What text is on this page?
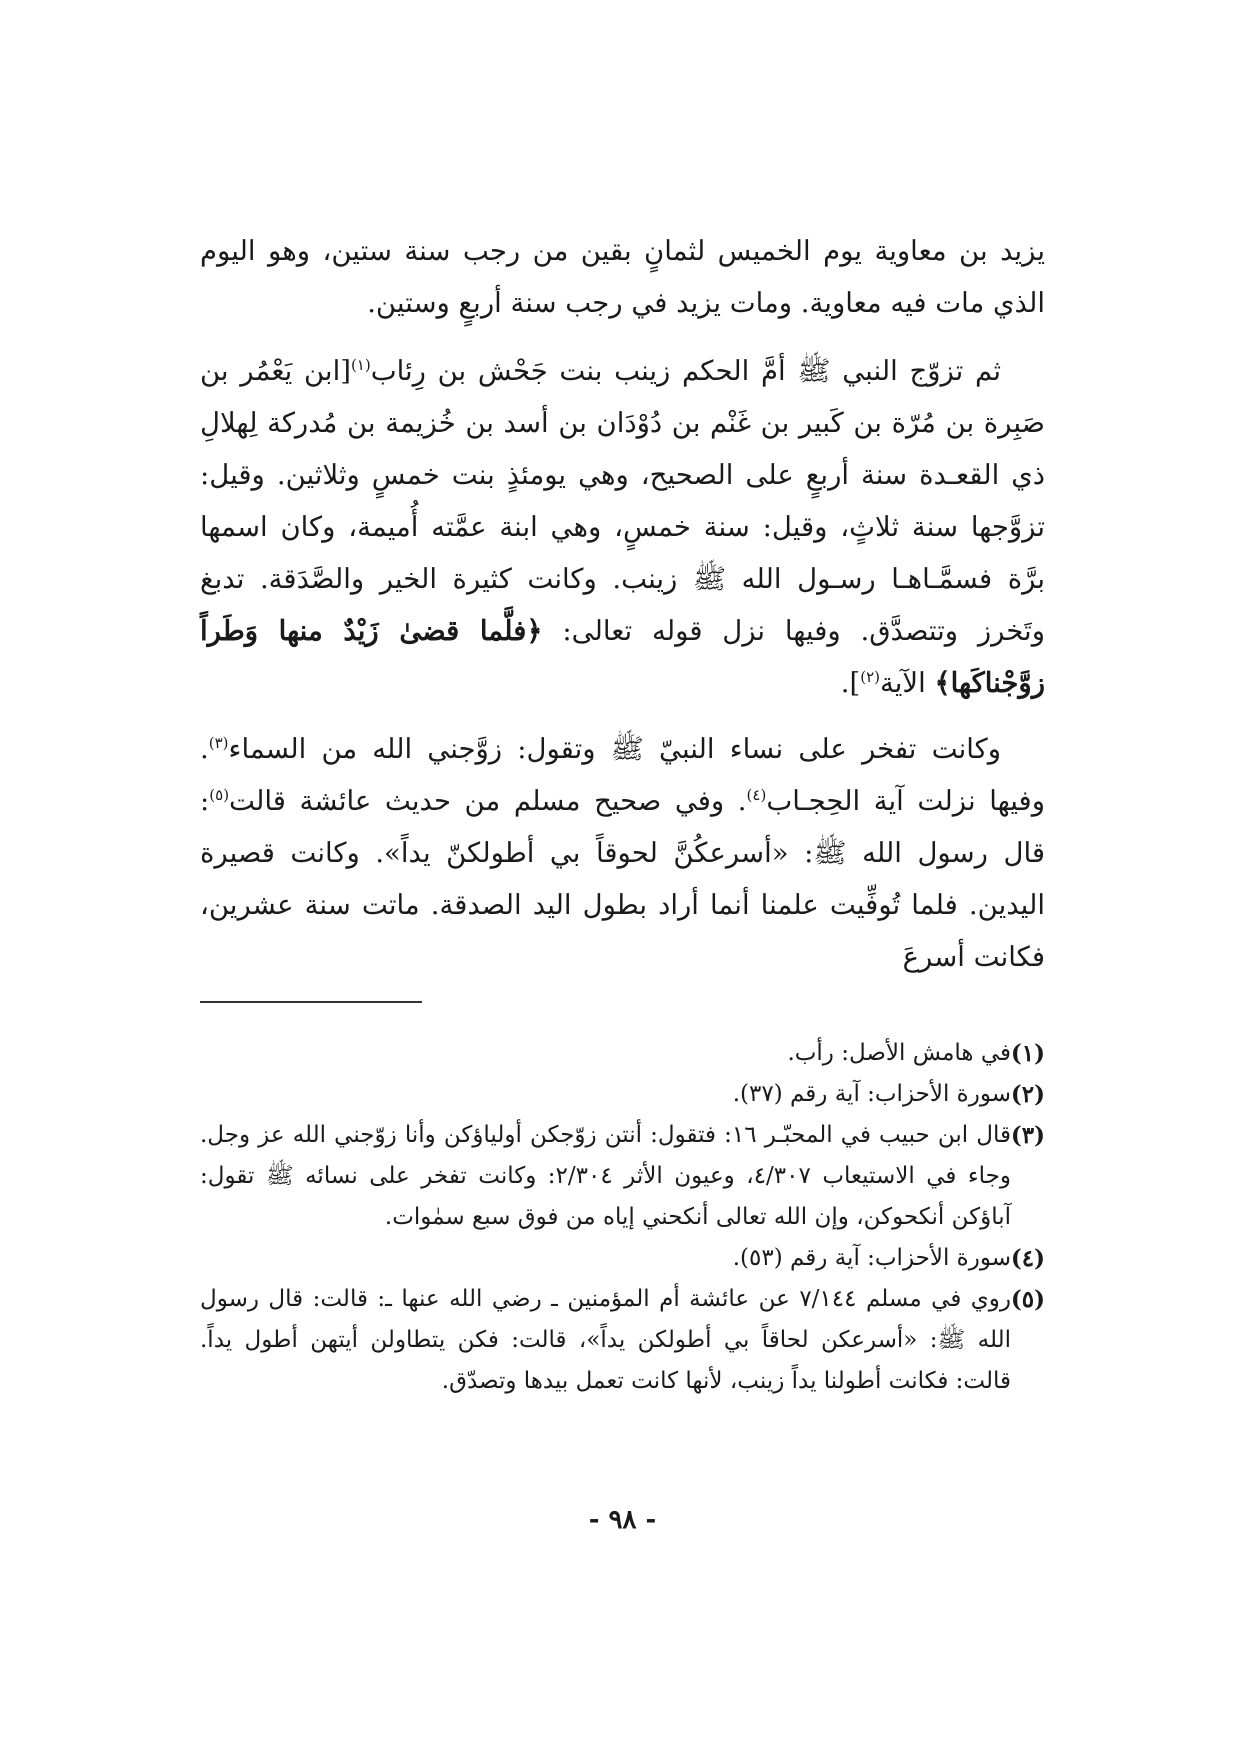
يزيد بن معاوية يوم الخميس لثمانٍ بقين من رجب سنة ستين، وهو اليوم الذي مات فيه معاوية. ومات يزيد في رجب سنة أربعٍ وستين.

ثم تزوّج النبي ﷺ أمَّ الحكم زينب بنت جَحْش بن رِئاب$^{(١)}$[ابن يَعْمُر بن صَبِرة بن مُرّة بن كَبير بن غَنْم بن دُوْدَان بن أسد بن خُزيمة بن مُدركة لِهلالِ ذي القعـدة سنة أربعٍ على الصحيح، وهي يومئذٍ بنت خمسٍ وثلاثين. وقيل: تزوَّجها سنة ثلاثٍ، وقيل: سنة خمسٍ، وهي ابنة عمَّته أُميمة، وكان اسمها برَّة فسمَّـاهـا رسـول الله ﷺ زينب. وكانت كثيرة الخير والصَّدَقة. تدبغ وتَخرز وتتصدَّق. وفيها نزل قوله تعالى: ﴿فلَّما قضىٰ زَيْدٌ منها وَطَراً زوَّجْناكَها﴾ الآية$^{(٢)}$].

وكانت تفخر على نساء النبيّ ﷺ وتقول: زوَّجني الله من السماء$^{(٣)}$. وفيها نزلت آية الحِجـاب$^{(٤)}$. وفي صحيح مسلم من حديث عائشة قالت$^{(٥)}$: قال رسول الله ﷺ: «أسرعكُنَّ لحوقاً بي أطولكنّ يداً». وكانت قصيرة اليدين. فلما تُوفِّيت علمنا أنما أراد بطول اليد الصدقة. ماتت سنة عشرين، فكانت أسرعَ

(١)
في هامش الأصل: رأب.

(٢)
سورة الأحزاب: آية رقم (٣٧).

(٣)
قال ابن حبيب في المحبّـر ١٦: فتقول: أنتن زوّجكن أولياؤكن وأنا زوّجني الله عز وجل. وجاء في الاستيعاب ٤/٣٠٧، وعيون الأثر ٢/٣٠٤: وكانت تفخر على نسائه ﷺ تقول: آباؤكن أنكحوكن، وإن الله تعالى أنكحني إياه من فوق سبع سمٰوات.

(٤)
سورة الأحزاب: آية رقم (٥٣).

(٥)
روي في مسلم ٧/١٤٤ عن عائشة أم المؤمنين ـ رضي الله عنها ـ: قالت: قال رسول الله ﷺ: «أسرعكن لحاقاً بي أطولكن يداً»، قالت: فكن يتطاولن أيتهن أطول يداً. قالت: فكانت أطولنا يداً زينب، لأنها كانت تعمل بيدها وتصدّق.

- ٩٨ -
